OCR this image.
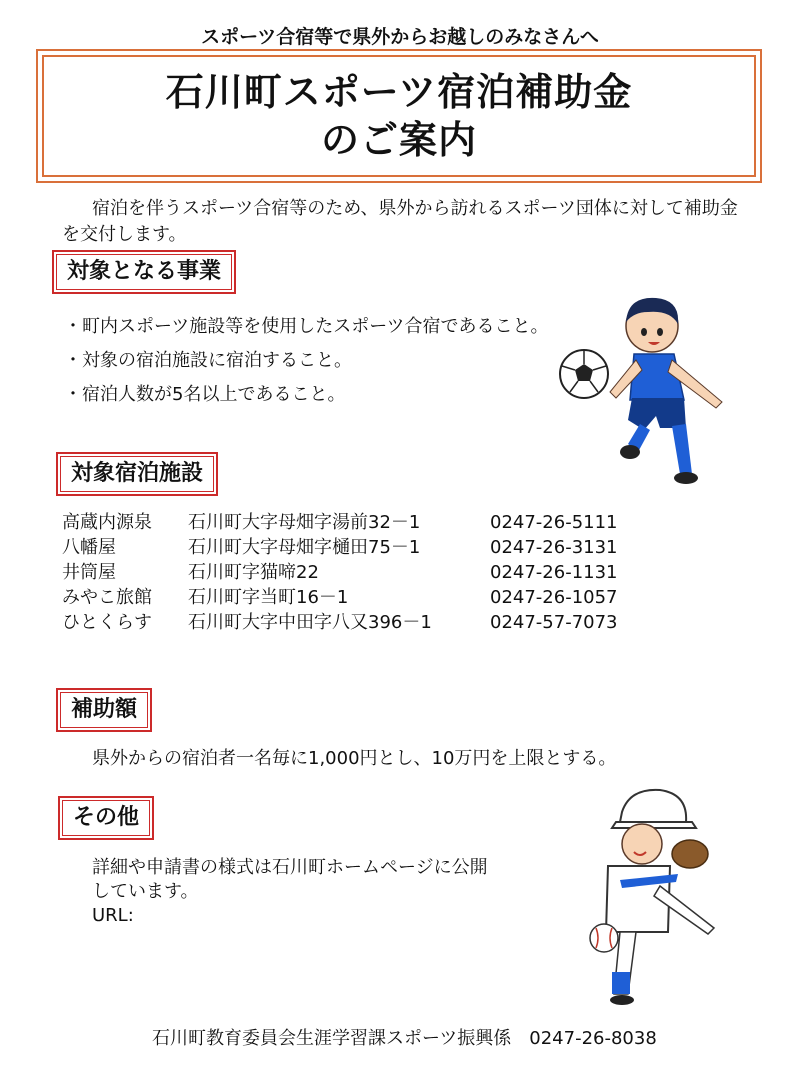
スポーツ合宿等で県外からお越しのみなさんへ
石川町スポーツ宿泊補助金
のご案内
宿泊を伴うスポーツ合宿等のため、県外から訪れるスポーツ団体に対して補助金を交付します。
対象となる事業
・町内スポーツ施設等を使用したスポーツ合宿であること。
・対象の宿泊施設に宿泊すること。
・宿泊人数が5名以上であること。
対象宿泊施設
高蔵内源泉	石川町大字母畑字湯前32－1	0247-26-5111
八幡屋	石川町大字母畑字樋田75－1	0247-26-3131
井筒屋	石川町字猫啼22	0247-26-1131
みやこ旅館	石川町字当町16－1	0247-26-1057
ひとくらす	石川町大字中田字八又396－1	0247-57-7073
補助額
県外からの宿泊者一名毎に1,000円とし、10万円を上限とする。
その他
詳細や申請書の様式は石川町ホームページに公開
しています。
URL:
石川町教育委員会生涯学習課スポーツ振興係　0247-26-8038
